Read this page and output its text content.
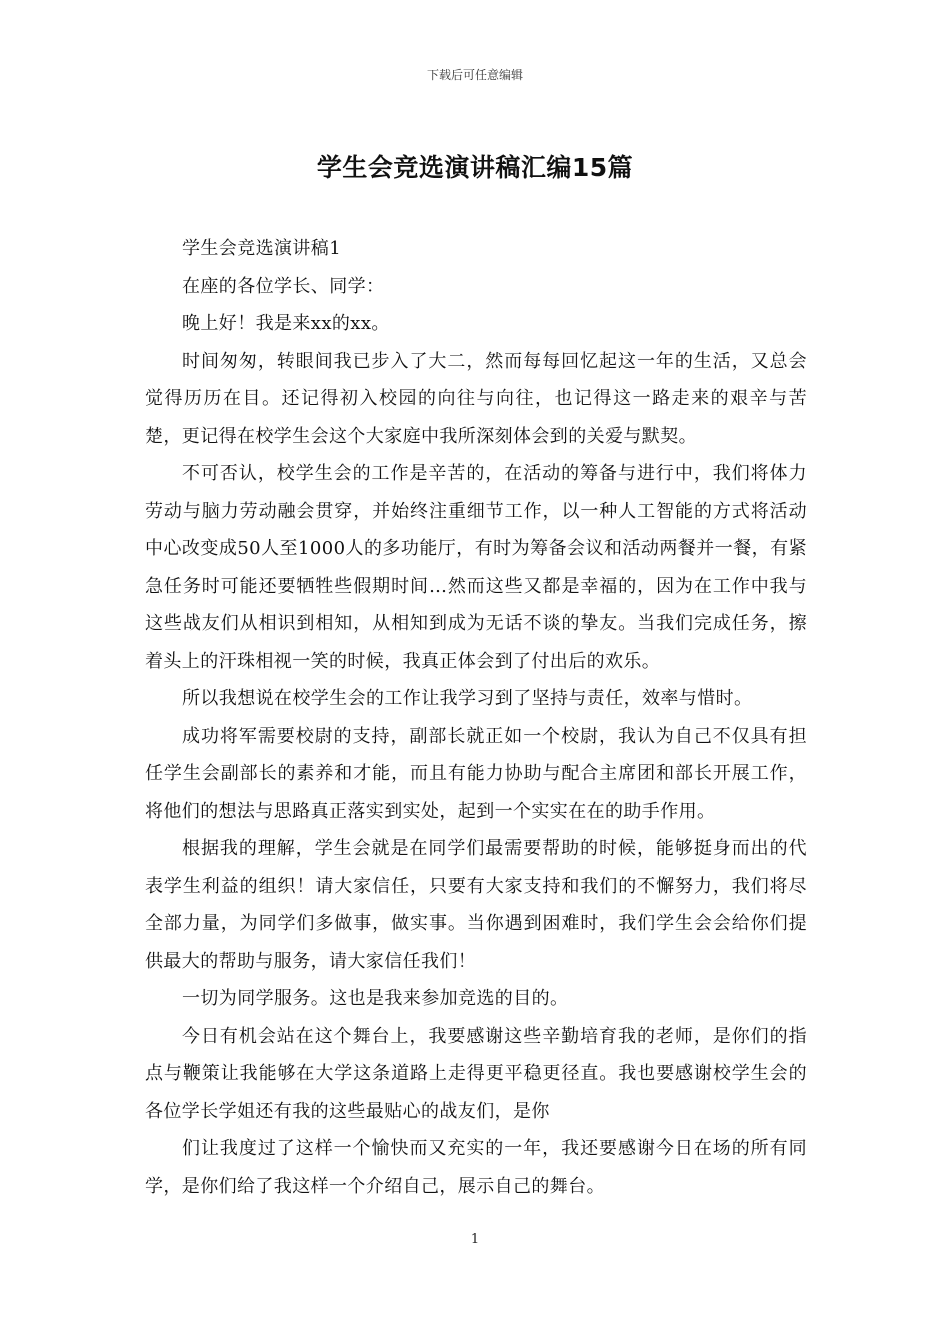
下载后可任意编辑
学生会竞选演讲稿汇编15篇

学生会竞选演讲稿1

在座的各位学长、同学：

晚上好！我是来xx的xx。

时间匆匆，转眼间我已步入了大二，然而每每回忆起这一年的生活，又总会觉得历历在目。还记得初入校园的向往与向往，也记得这一路走来的艰辛与苦楚，更记得在校学生会这个大家庭中我所深刻体会到的关爱与默契。

不可否认，校学生会的工作是辛苦的，在活动的筹备与进行中，我们将体力劳动与脑力劳动融会贯穿，并始终注重细节工作，以一种人工智能的方式将活动中心改变成50人至1000人的多功能厅，有时为筹备会议和活动两餐并一餐，有紧急任务时可能还要牺牲些假期时间…然而这些又都是幸福的，因为在工作中我与这些战友们从相识到相知，从相知到成为无话不谈的挚友。当我们完成任务，擦着头上的汗珠相视一笑的时候，我真正体会到了付出后的欢乐。

所以我想说在校学生会的工作让我学习到了坚持与责任，效率与惜时。

成功将军需要校尉的支持，副部长就正如一个校尉，我认为自己不仅具有担任学生会副部长的素养和才能，而且有能力协助与配合主席团和部长开展工作，将他们的想法与思路真正落实到实处，起到一个实实在在的助手作用。

根据我的理解，学生会就是在同学们最需要帮助的时候，能够挺身而出的代表学生利益的组织！请大家信任，只要有大家支持和我们的不懈努力，我们将尽全部力量，为同学们多做事，做实事。当你遇到困难时，我们学生会会给你们提供最大的帮助与服务，请大家信任我们！

一切为同学服务。这也是我来参加竞选的目的。

今日有机会站在这个舞台上，我要感谢这些辛勤培育我的老师，是你们的指点与鞭策让我能够在大学这条道路上走得更平稳更径直。我也要感谢校学生会的各位学长学姐还有我的这些最贴心的战友们，是你

们让我度过了这样一个愉快而又充实的一年，我还要感谢今日在场的所有同学，是你们给了我这样一个介绍自己，展示自己的舞台。

1
